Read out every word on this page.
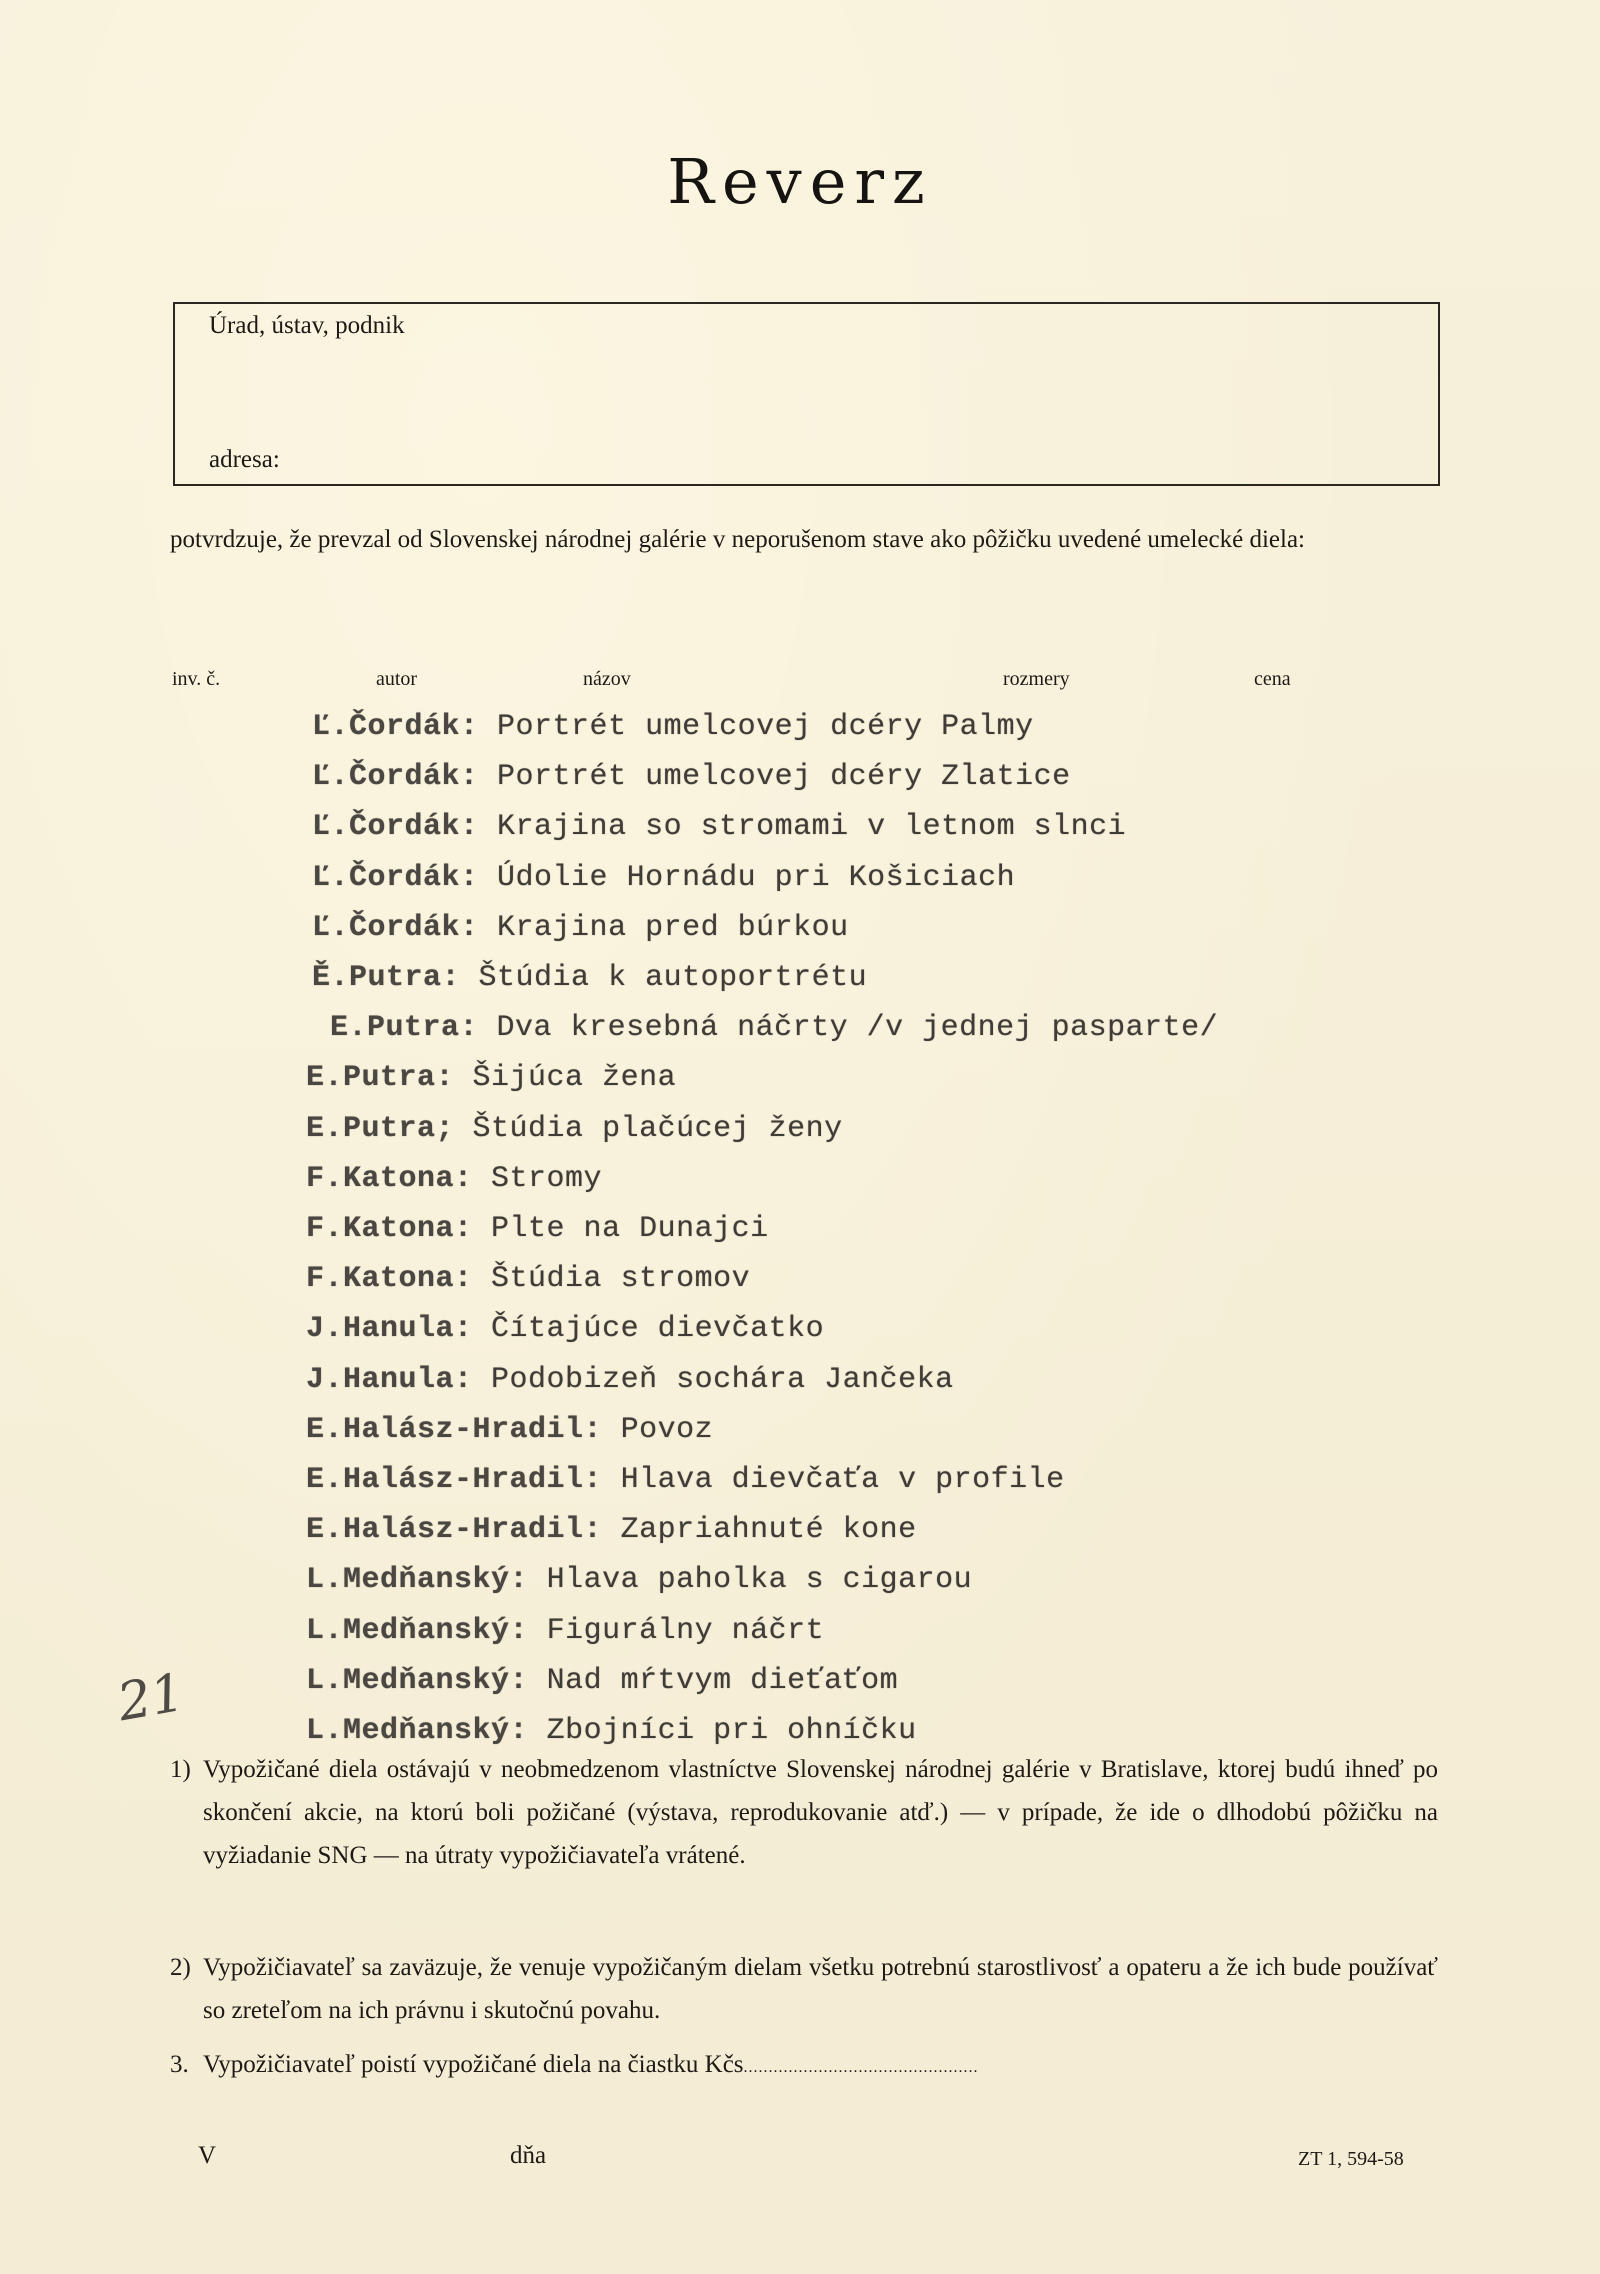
Reverz
Úrad, ústav, podnik
adresa:
potvrdzuje, že prevzal od Slovenskej národnej galérie v neporušenom stave ako pôžičku uvedené umelecké diela:
inv. č.	autor	názov	rozmery	cena
Ľ.Čordák: Portrét umelcovej dcéry Palmy
Ľ.Čordák: Portrét umelcovej dcéry Zlatice
Ľ.Čordák: Krajina so stromami v letnom slnci
Ľ.Čordák: Údolie Hornádu pri Košiciach
Ľ.Čordák: Krajina pred búrkou
Ě.Putra: Štúdia k autoportrétu
E.Putra: Dva kresebná náčrty /v jednej pasparte/
E.Putra: Šijúca žena
E.Putra; Štúdia plačúcej ženy
F.Katona: Stromy
F.Katona: Plte na Dunajci
F.Katona: Štúdia stromov
J.Hanula: Čítajúce dievčatko
J.Hanula: Podobizeň sochára Jančeka
E.Halász-Hradil: Povoz
E.Halász-Hradil: Hlava dievčaťa v profile
E.Halász-Hradil: Zapriahnuté kone
L.Medňanský: Hlava paholka s cigarou
L.Medňanský: Figurálny náčrt
L.Medňanský: Nad mŕtvym dieťaťom
L.Medňanský: Zbojníci pri ohníčku
21
1) Vypožičané diela ostávajú v neobmedzenom vlastníctve Slovenskej národnej galérie v Bratislave, ktorej budú ihneď po skončení akcie, na ktorú boli požičané (výstava, reprodukovanie atď.) — v prípade, že ide o dlhodobú pôžičku na vyžiadanie SNG — na útraty vypožičiavateľa vrátené.
2) Vypožičiavateľ sa zaväzuje, že venuje vypožičaným dielam všetku potrebnú starostlivosť a opateru a že ich bude používať so zreteľom na ich právnu i skutočnú povahu.
3. Vypožičiavateľ poistí vypožičané diela na čiastku Kčs...............................................
V	dňa	ZT 1, 594-58
